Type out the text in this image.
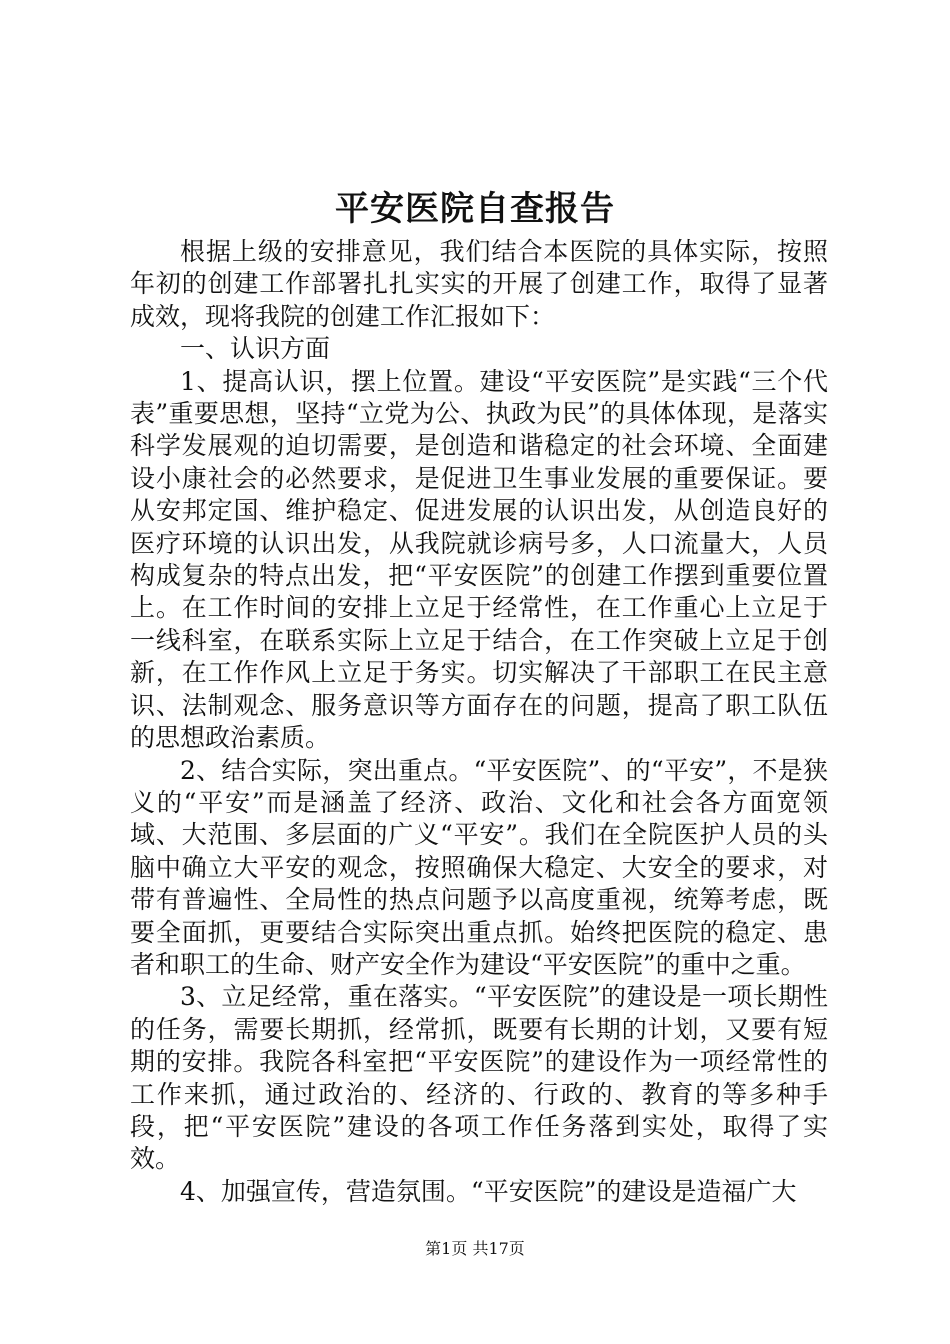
平安医院自查报告

根据上级的安排意见，我们结合本医院的具体实际，按照年初的创建工作部署扎扎实实的开展了创建工作，取得了显著成效，现将我院的创建工作汇报如下：

一、认识方面

1、提高认识，摆上位置。建设“平安医院”是实践“三个代表”重要思想，坚持“立党为公、执政为民”的具体体现，是落实科学发展观的迫切需要，是创造和谐稳定的社会环境、全面建设小康社会的必然要求，是促进卫生事业发展的重要保证。要从安邦定国、维护稳定、促进发展的认识出发，从创造良好的医疗环境的认识出发，从我院就诊病号多，人口流量大，人员构成复杂的特点出发，把“平安医院”的创建工作摆到重要位置上。在工作时间的安排上立足于经常性，在工作重心上立足于一线科室，在联系实际上立足于结合，在工作突破上立足于创新，在工作作风上立足于务实。切实解决了干部职工在民主意识、法制观念、服务意识等方面存在的问题，提高了职工队伍的思想政治素质。

2、结合实际，突出重点。“平安医院”、的“平安”，不是狭义的“平安”而是涵盖了经济、政治、文化和社会各方面宽领域、大范围、多层面的广义“平安”。我们在全院医护人员的头脑中确立大平安的观念，按照确保大稳定、大安全的要求，对带有普遍性、全局性的热点问题予以高度重视，统筹考虑，既要全面抓，更要结合实际突出重点抓。始终把医院的稳定、患者和职工的生命、财产安全作为建设“平安医院”的重中之重。

3、立足经常，重在落实。“平安医院”的建设是一项长期性的任务，需要长期抓，经常抓，既要有长期的计划，又要有短期的安排。我院各科室把“平安医院”的建设作为一项经常性的工作来抓，通过政治的、经济的、行政的、教育的等多种手段，把“平安医院”建设的各项工作任务落到实处，取得了实效。

4、加强宣传，营造氛围。“平安医院”的建设是造福广大

第1页 共17页
